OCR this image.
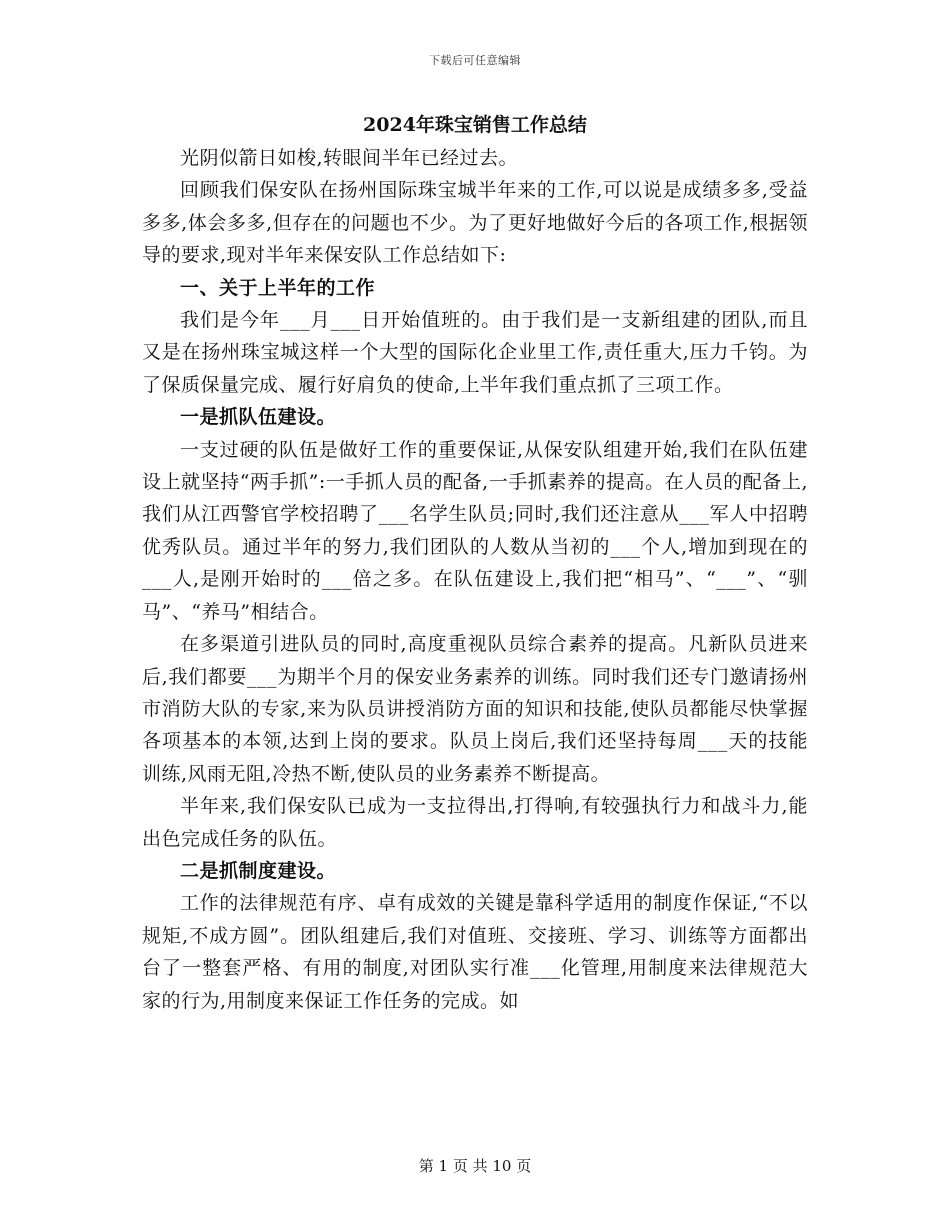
下载后可任意编辑
2024年珠宝销售工作总结

光阴似箭日如梭,转眼间半年已经过去。

回顾我们保安队在扬州国际珠宝城半年来的工作,可以说是成绩多多,受益多多,体会多多,但存在的问题也不少。为了更好地做好今后的各项工作,根据领导的要求,现对半年来保安队工作总结如下:

一、关于上半年的工作

我们是今年___月___日开始值班的。由于我们是一支新组建的团队,而且又是在扬州珠宝城这样一个大型的国际化企业里工作,责任重大,压力千钧。为了保质保量完成、履行好肩负的使命,上半年我们重点抓了三项工作。

一是抓队伍建设。

一支过硬的队伍是做好工作的重要保证,从保安队组建开始,我们在队伍建设上就坚持“两手抓”:一手抓人员的配备,一手抓素养的提高。在人员的配备上,我们从江西警官学校招聘了___名学生队员;同时,我们还注意从___军人中招聘优秀队员。通过半年的努力,我们团队的人数从当初的___个人,增加到现在的___人,是刚开始时的___倍之多。在队伍建设上,我们把“相马”、“___”、“驯马”、“养马”相结合。

在多渠道引进队员的同时,高度重视队员综合素养的提高。凡新队员进来后,我们都要___为期半个月的保安业务素养的训练。同时我们还专门邀请扬州市消防大队的专家,来为队员讲授消防方面的知识和技能,使队员都能尽快掌握各项基本的本领,达到上岗的要求。队员上岗后,我们还坚持每周___天的技能训练,风雨无阻,冷热不断,使队员的业务素养不断提高。

半年来,我们保安队已成为一支拉得出,打得响,有较强执行力和战斗力,能出色完成任务的队伍。

二是抓制度建设。

工作的法律规范有序、卓有成效的关键是靠科学适用的制度作保证,“不以规矩,不成方圆”。团队组建后,我们对值班、交接班、学习、训练等方面都出台了一整套严格、有用的制度,对团队实行准___化管理,用制度来法律规范大家的行为,用制度来保证工作任务的完成。如

第 1 页 共 10 页
